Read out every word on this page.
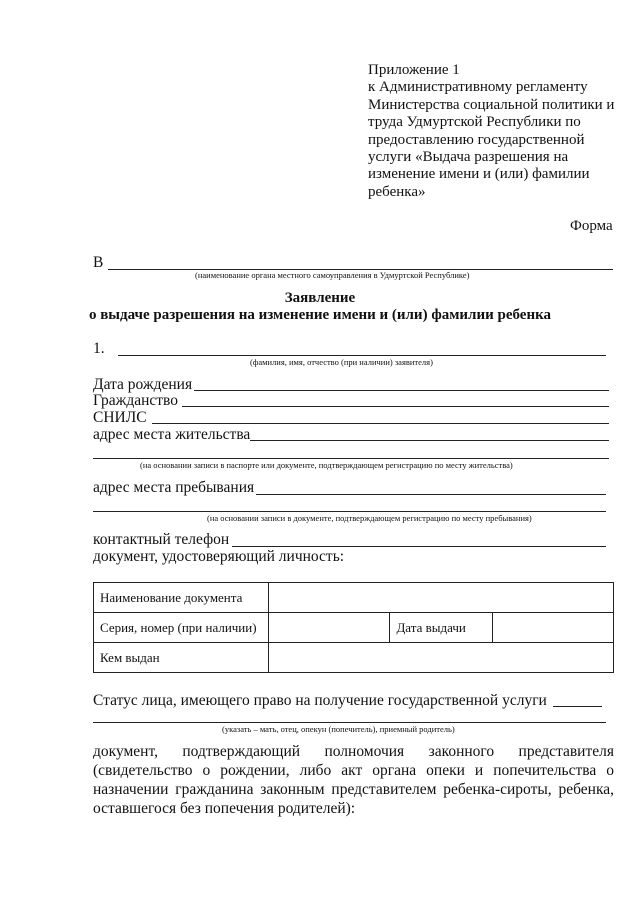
Приложение 1
к Административному регламенту
Министерства социальной политики и
труда Удмуртской Республики по
предоставлению государственной
услуги «Выдача разрешения на
изменение имени и (или) фамилии
ребенка»
Форма
В
(наименование органа местного самоуправления в Удмуртской Республике)
Заявление
о выдаче разрешения на изменение имени и (или) фамилии ребенка
1.
(фамилия, имя, отчество (при наличии) заявителя)
Дата рождения
Гражданство
СНИЛС
адрес места жительства
(на основании записи в паспорте или документе, подтверждающем регистрацию по месту жительства)
адрес места пребывания
(на основании записи в документе, подтверждающем регистрацию по месту пребывания)
контактный телефон
документ, удостоверяющий личность:
Наименование документа			
Серия, номер (при наличии)		Дата выдачи	
Кем выдан			
Статус лица, имеющего право на получение государственной услуги
(указать – мать, отец, опекун (попечитель), приемный родитель)

документ, подтверждающий полномочия законного представителя (свидетельство о рождении, либо акт органа опеки и попечительства о назначении гражданина законным представителем ребенка-сироты, ребенка, оставшегося без попечения родителей):
